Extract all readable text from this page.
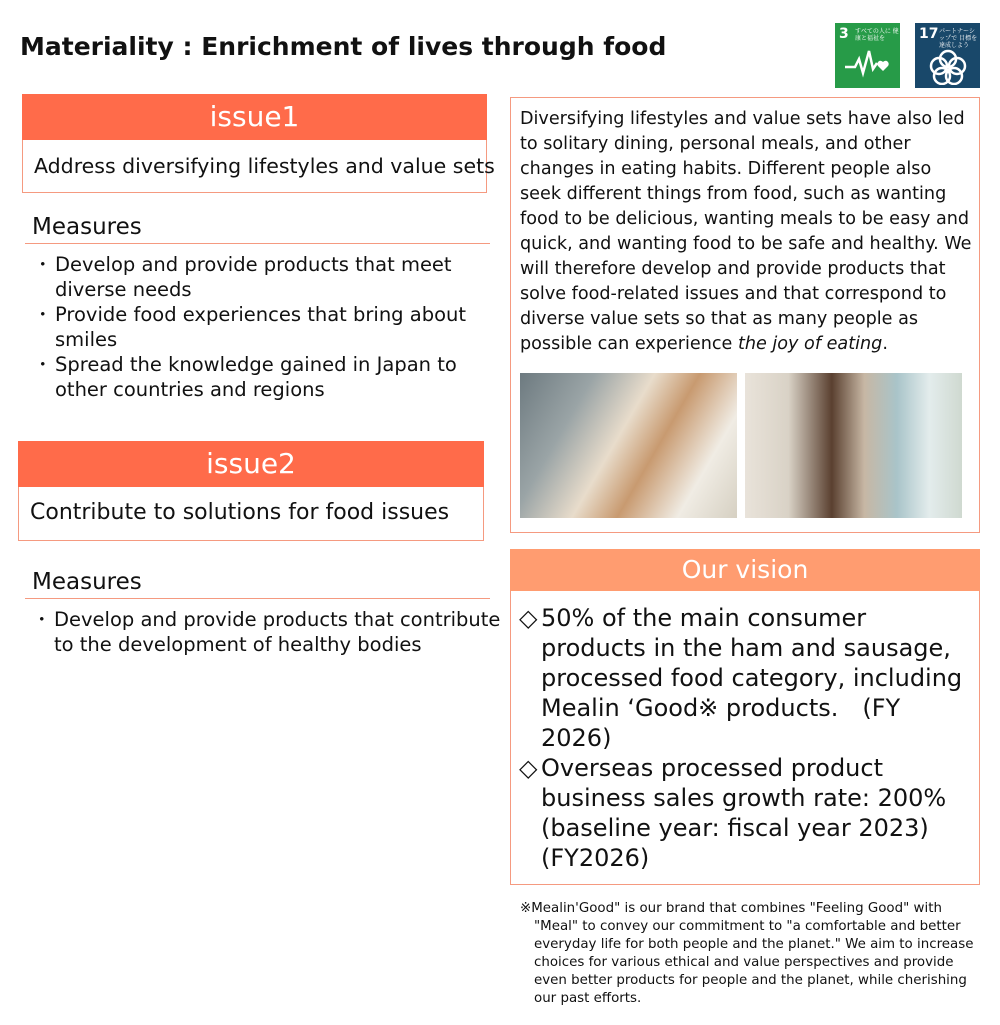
Materiality : Enrichment of lives through food	3 すべての人に 健康と福祉を	17 パートナーシップで 目標を達成しよう
issue1
Address diversifying lifestyles and value sets
Measures
・ Develop and provide products that meet diverse needs
・ Provide food experiences that bring about smiles
・ Spread the knowledge gained in Japan to other countries and regions
issue2
Contribute to solutions for food issues
Measures
・ Develop and provide products that contribute to the development of healthy bodies
Diversifying lifestyles and value sets have also led to solitary dining, personal meals, and other changes in eating habits. Different people also seek different things from food, such as wanting food to be delicious, wanting meals to be easy and quick, and wanting food to be safe and healthy. We will therefore develop and provide products that solve food-related issues and that correspond to diverse value sets so that as many people as possible can experience the joy of eating.
Our vision
◇ 50% of the main consumer products in the ham and sausage, processed food category, including Mealin ‘Good※ products.　(FY 2026)
◇ Overseas processed product business sales growth rate: 200% (baseline year: fiscal year 2023) (FY2026)

※Mealin'Good" is our brand that combines "Feeling Good" with "Meal" to convey our commitment to "a comfortable and better everyday life for both people and the planet." We aim to increase choices for various ethical and value perspectives and provide even better products for people and the planet, while cherishing our past efforts.
